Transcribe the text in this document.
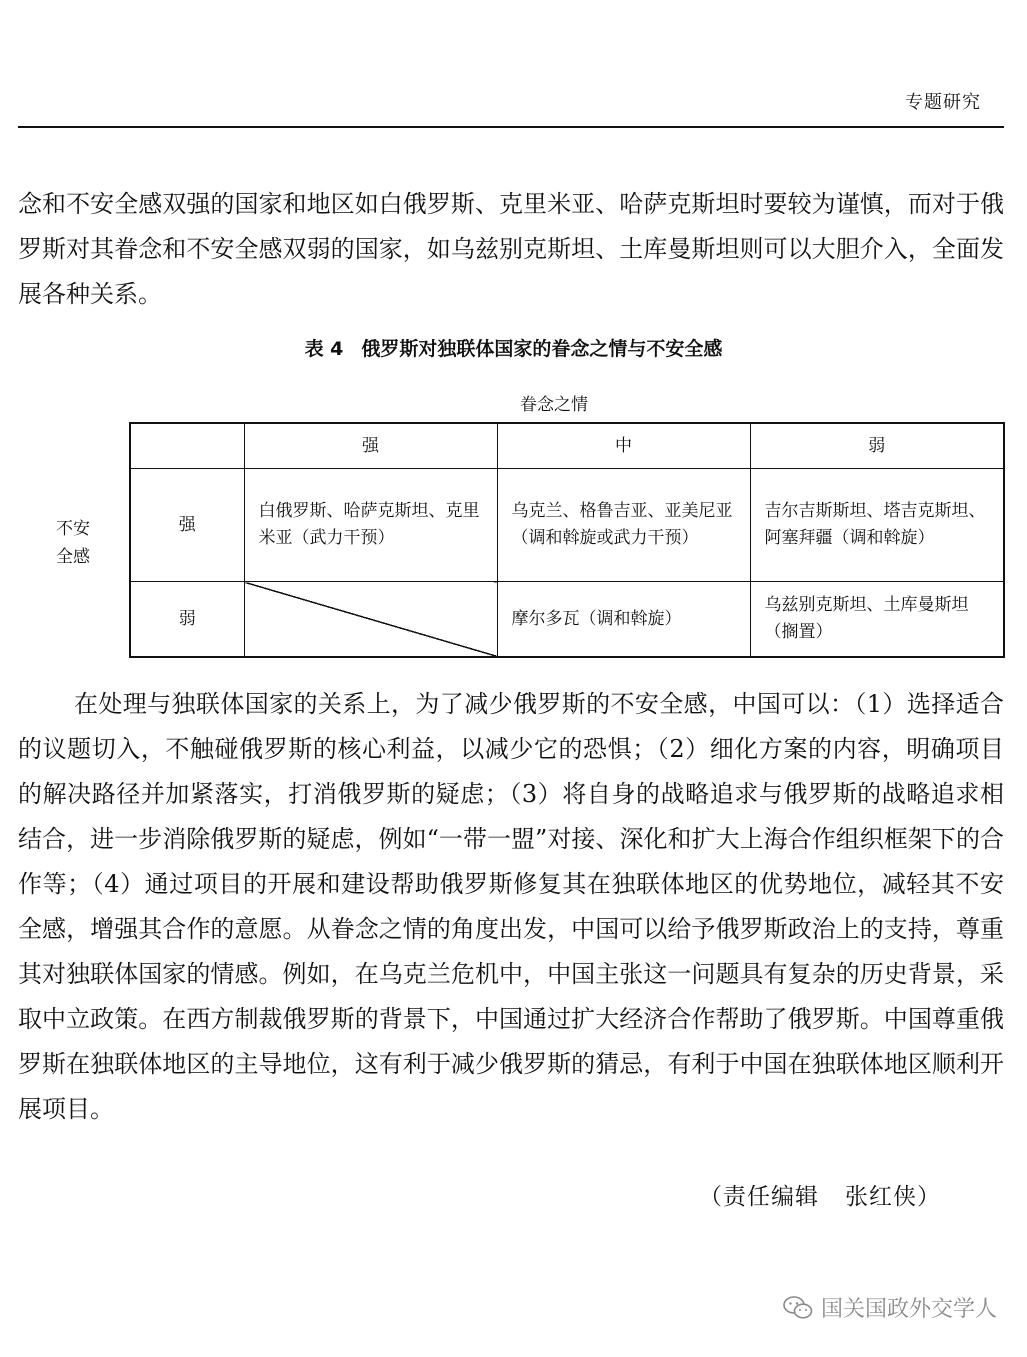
专题研究

念和不安全感双强的国家和地区如白俄罗斯、克里米亚、哈萨克斯坦时要较为谨慎，而对于俄罗斯对其眷念和不安全感双弱的国家，如乌兹别克斯坦、土库曼斯坦则可以大胆介入，全面发展各种关系。

表 4 俄罗斯对独联体国家的眷念之情与不安全感
眷念之情
不安
全感
	强	中	弱
强	白俄罗斯、哈萨克斯坦、克里米亚（武力干预）	乌克兰、格鲁吉亚、亚美尼亚（调和斡旋或武力干预）	吉尔吉斯斯坦、塔吉克斯坦、阿塞拜疆（调和斡旋）
弱		摩尔多瓦（调和斡旋）	乌兹别克斯坦、土库曼斯坦（搁置）

在处理与独联体国家的关系上，为了减少俄罗斯的不安全感，中国可以：（1）选择适合的议题切入，不触碰俄罗斯的核心利益，以减少它的恐惧；（2）细化方案的内容，明确项目的解决路径并加紧落实，打消俄罗斯的疑虑；（3）将自身的战略追求与俄罗斯的战略追求相结合，进一步消除俄罗斯的疑虑，例如“一带一盟”对接、深化和扩大上海合作组织框架下的合作等；（4）通过项目的开展和建设帮助俄罗斯修复其在独联体地区的优势地位，减轻其不安全感，增强其合作的意愿。从眷念之情的角度出发，中国可以给予俄罗斯政治上的支持，尊重其对独联体国家的情感。例如，在乌克兰危机中，中国主张这一问题具有复杂的历史背景，采取中立政策。在西方制裁俄罗斯的背景下，中国通过扩大经济合作帮助了俄罗斯。中国尊重俄罗斯在独联体地区的主导地位，这有利于减少俄罗斯的猜忌，有利于中国在独联体地区顺利开展项目。

（责任编辑 张红侠）
国关国政外交学人
